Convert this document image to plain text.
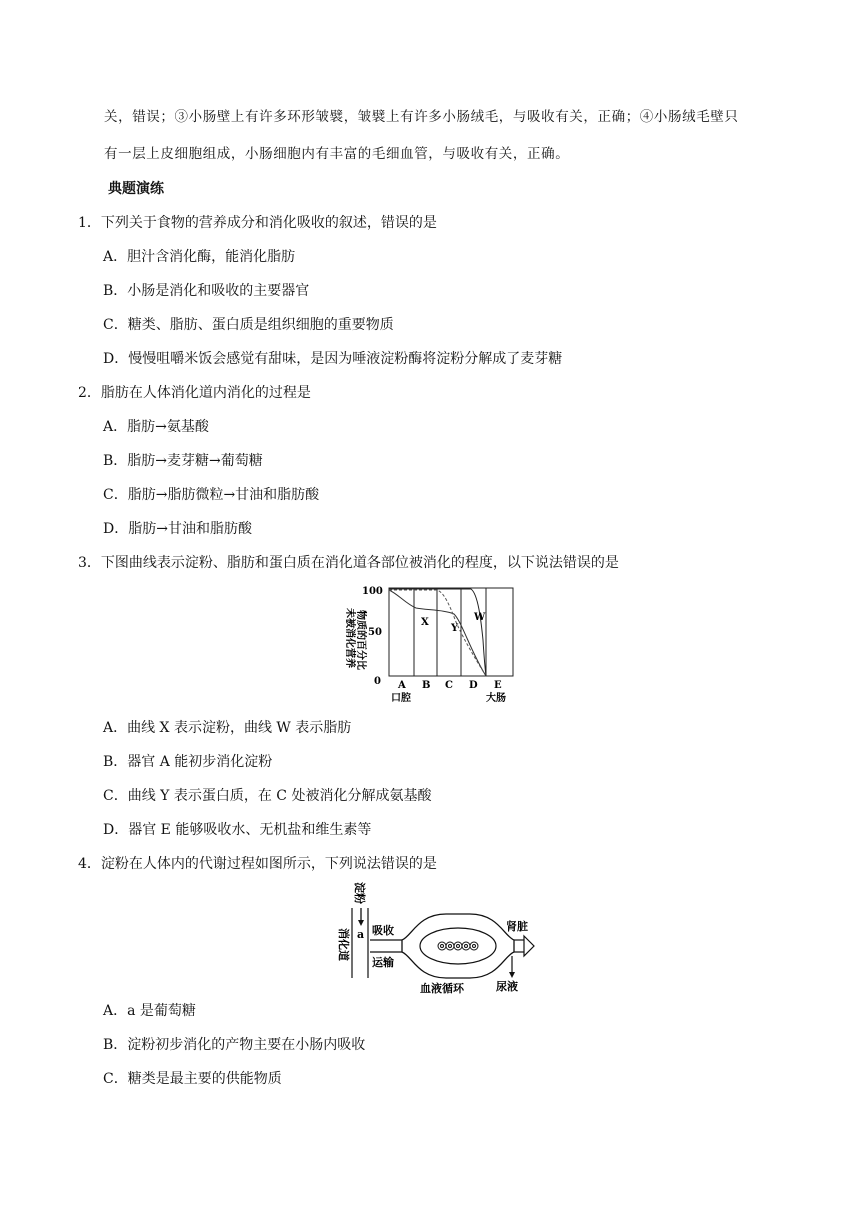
关，错误；③小肠壁上有许多环形皱襞，皱襞上有许多小肠绒毛，与吸收有关，正确；④小肠绒毛壁只
有一层上皮细胞组成，小肠细胞内有丰富的毛细血管，与吸收有关，正确。
典题演练
1．下列关于食物的营养成分和消化吸收的叙述，错误的是
A．胆汁含消化酶，能消化脂肪
B．小肠是消化和吸收的主要器官
C．糖类、脂肪、蛋白质是组织细胞的重要物质
D．慢慢咀嚼米饭会感觉有甜味，是因为唾液淀粉酶将淀粉分解成了麦芽糖
2．脂肪在人体消化道内消化的过程是
A．脂肪→氨基酸
B．脂肪→麦芽糖→葡萄糖
C．脂肪→脂肪微粒→甘油和脂肪酸
D．脂肪→甘油和脂肪酸
3．下图曲线表示淀粉、脂肪和蛋白质在消化道各部位被消化的程度，以下说法错误的是
未被消化营养 物质的百分比
100
50
0
X
Y
W
A B C D E
口腔	大肠
A．曲线 X 表示淀粉，曲线 W 表示脂肪
B．器官 A 能初步消化淀粉
C．曲线 Y 表示蛋白质，在 C 处被消化分解成氨基酸
D．器官 E 能够吸收水、无机盐和维生素等
4．淀粉在人体内的代谢过程如图所示，下列说法错误的是
消化道
淀粉
a 吸收
运输
肾脏
尿液
血液循环
A．a 是葡萄糖
B．淀粉初步消化的产物主要在小肠内吸收
C．糖类是最主要的供能物质
